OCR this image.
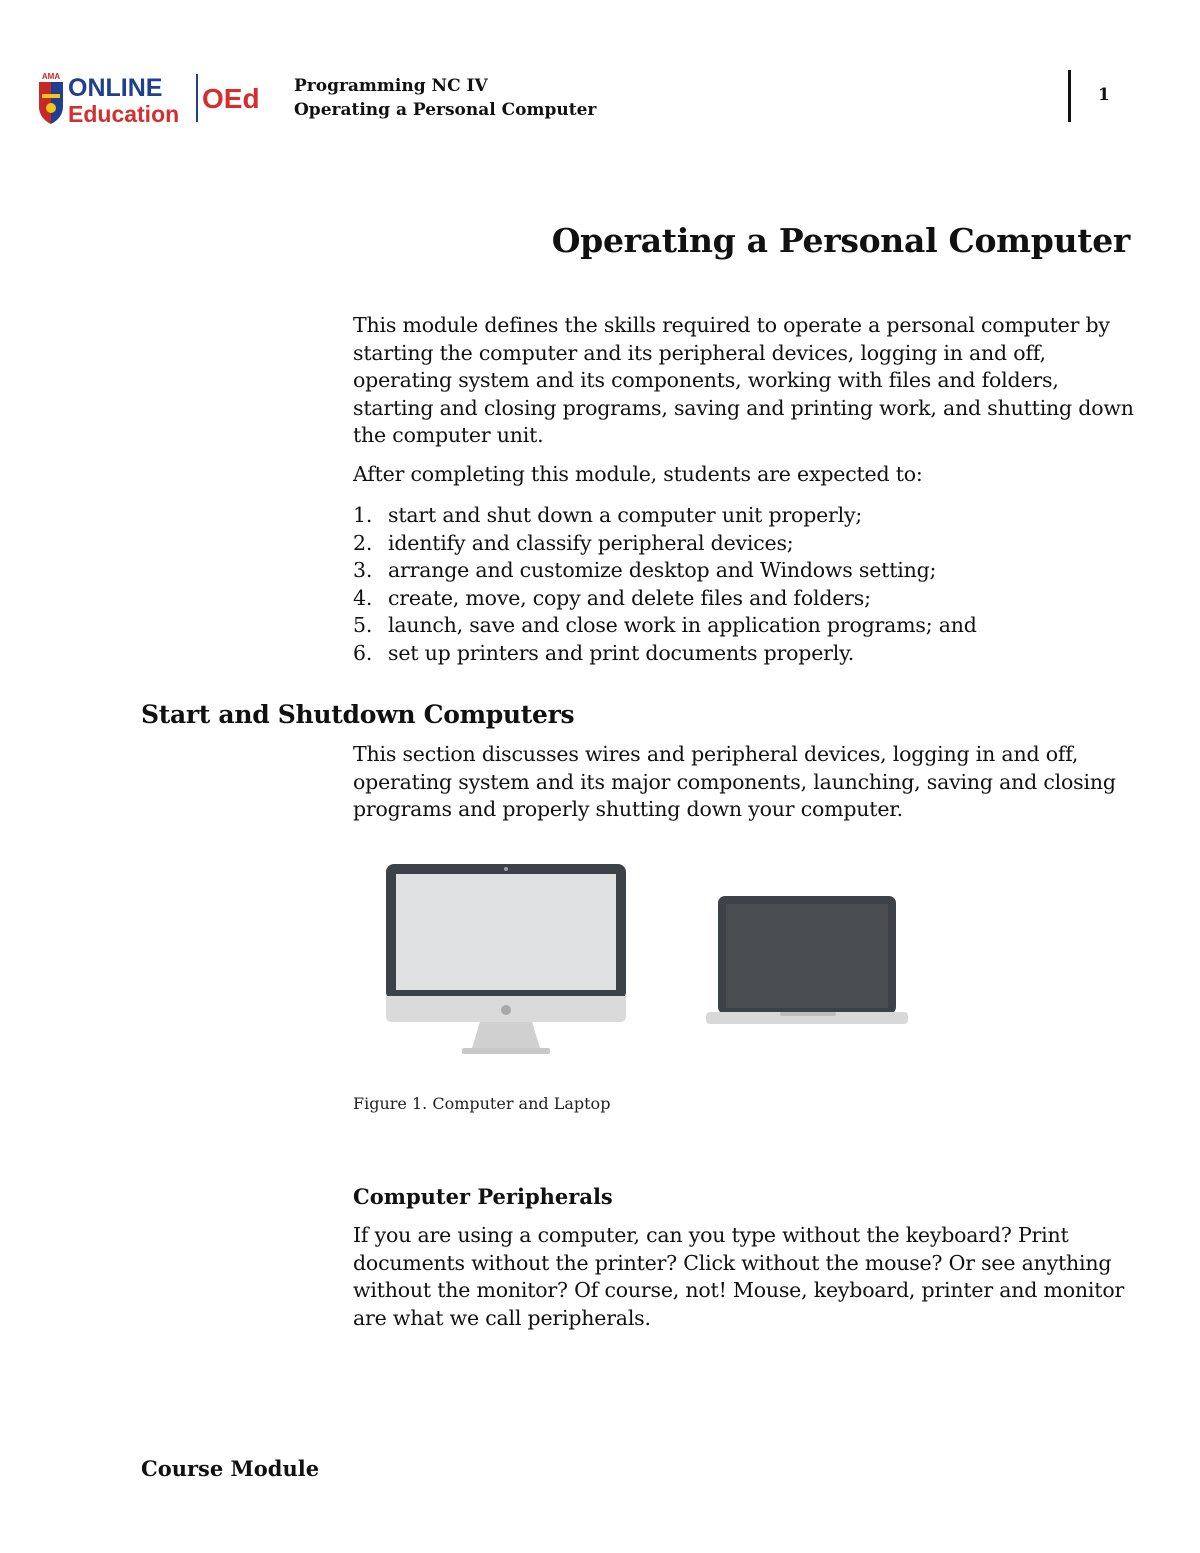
AMA ONLINE
Education OEd Programming NC IV
Operating a Personal Computer
1
Operating a Personal Computer
This module defines the skills required to operate a personal computer by starting the computer and its peripheral devices, logging in and off, operating system and its components, working with files and folders, starting and closing programs, saving and printing work, and shutting down the computer unit.
After completing this module, students are expected to:
1. start and shut down a computer unit properly;
2. identify and classify peripheral devices;
3. arrange and customize desktop and Windows setting;
4. create, move, copy and delete files and folders;
5. launch, save and close work in application programs; and
6. set up printers and print documents properly.
Start and Shutdown Computers
This section discusses wires and peripheral devices, logging in and off, operating system and its major components, launching, saving and closing programs and properly shutting down your computer.
Figure 1. Computer and Laptop
Computer Peripherals
If you are using a computer, can you type without the keyboard? Print documents without the printer? Click without the mouse? Or see anything without the monitor? Of course, not! Mouse, keyboard, printer and monitor are what we call peripherals.
Course Module
